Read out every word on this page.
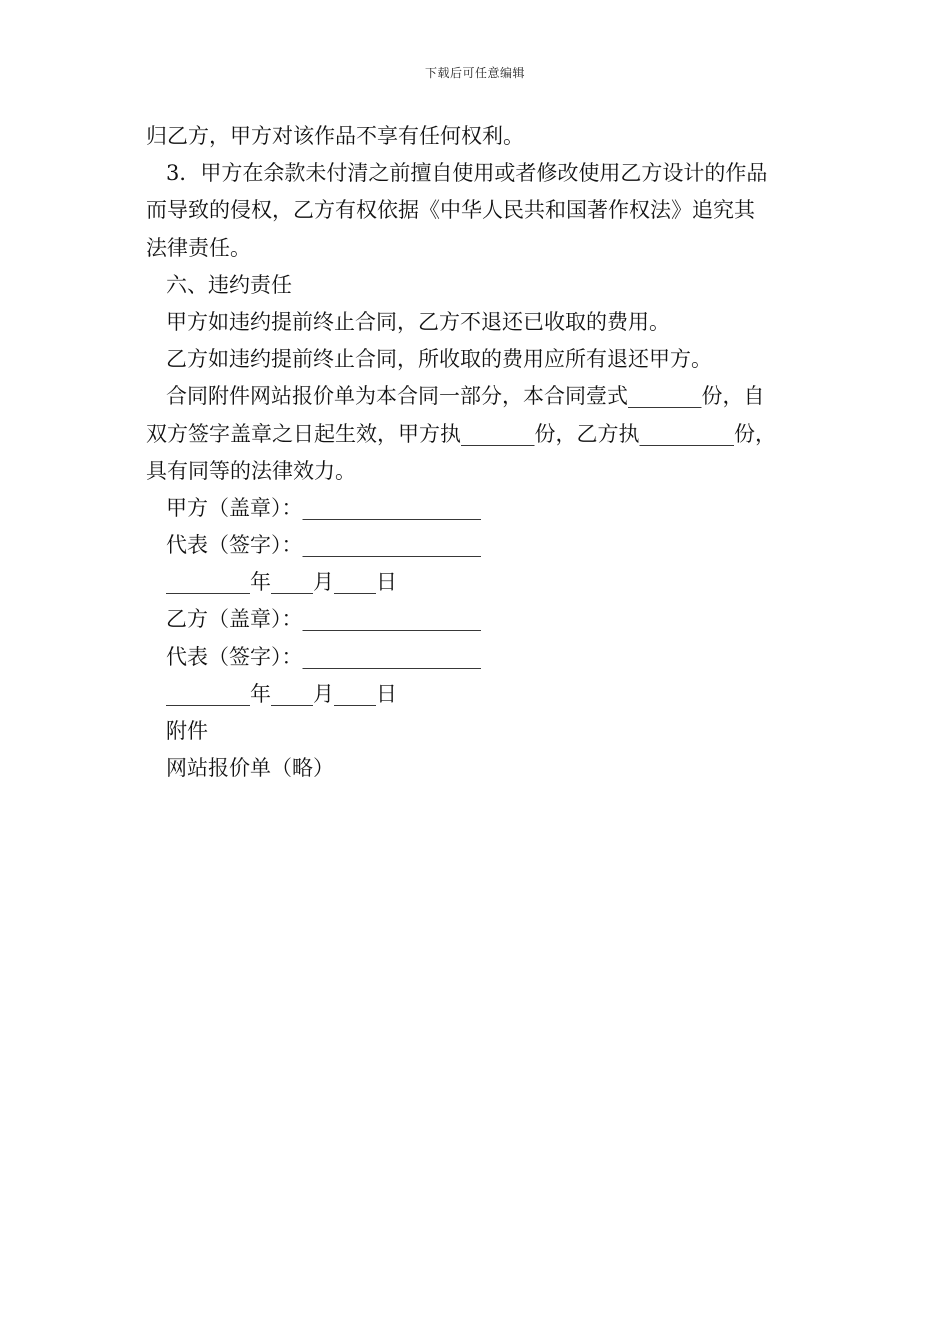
下载后可任意编辑
归乙方，甲方对该作品不享有任何权利。
3．甲方在余款未付清之前擅自使用或者修改使用乙方设计的作品
而导致的侵权，乙方有权依据《中华人民共和国著作权法》追究其
法律责任。
六、违约责任
甲方如违约提前终止合同，乙方不退还已收取的费用。
乙方如违约提前终止合同，所收取的费用应所有退还甲方。
合同附件网站报价单为本合同一部分，本合同壹式_______份，自
双方签字盖章之日起生效，甲方执_______份，乙方执_________份，
具有同等的法律效力。
甲方（盖章）：_________________
代表（签字）：_________________
________年____月____日
乙方（盖章）：_________________
代表（签字）：_________________
________年____月____日
附件
网站报价单（略）
